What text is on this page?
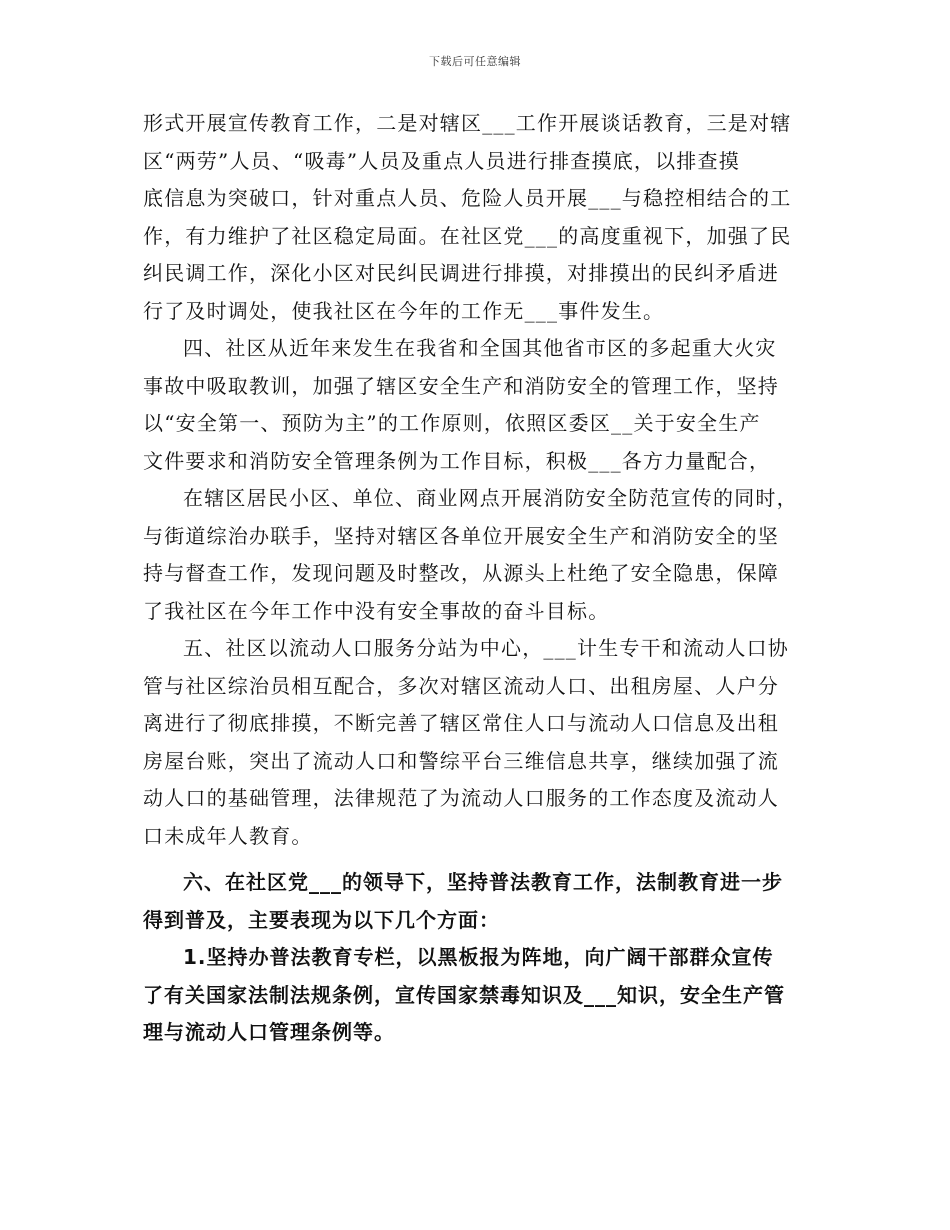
下载后可任意编辑
形式开展宣传教育工作，二是对辖区___工作开展谈话教育，三是对辖
区“两劳”人员、“吸毒”人员及重点人员进行排查摸底，以排查摸
底信息为突破口，针对重点人员、危险人员开展___与稳控相结合的工
作，有力维护了社区稳定局面。在社区党___的高度重视下，加强了民
纠民调工作，深化小区对民纠民调进行排摸，对排摸出的民纠矛盾进
行了及时调处，使我社区在今年的工作无___事件发生。
四、社区从近年来发生在我省和全国其他省市区的多起重大火灾
事故中吸取教训，加强了辖区安全生产和消防安全的管理工作，坚持
以“安全第一、预防为主”的工作原则，依照区委区__关于安全生产
文件要求和消防安全管理条例为工作目标，积极___各方力量配合，
在辖区居民小区、单位、商业网点开展消防安全防范宣传的同时，
与街道综治办联手，坚持对辖区各单位开展安全生产和消防安全的坚
持与督查工作，发现问题及时整改，从源头上杜绝了安全隐患，保障
了我社区在今年工作中没有安全事故的奋斗目标。
五、社区以流动人口服务分站为中心，___计生专干和流动人口协
管与社区综治员相互配合，多次对辖区流动人口、出租房屋、人户分
离进行了彻底排摸，不断完善了辖区常住人口与流动人口信息及出租
房屋台账，突出了流动人口和警综平台三维信息共享，继续加强了流
动人口的基础管理，法律规范了为流动人口服务的工作态度及流动人
口未成年人教育。
六、在社区党___的领导下，坚持普法教育工作，法制教育进一步
得到普及，主要表现为以下几个方面：
1.坚持办普法教育专栏，以黑板报为阵地，向广阔干部群众宣传
了有关国家法制法规条例，宣传国家禁毒知识及___知识，安全生产管
理与流动人口管理条例等。
